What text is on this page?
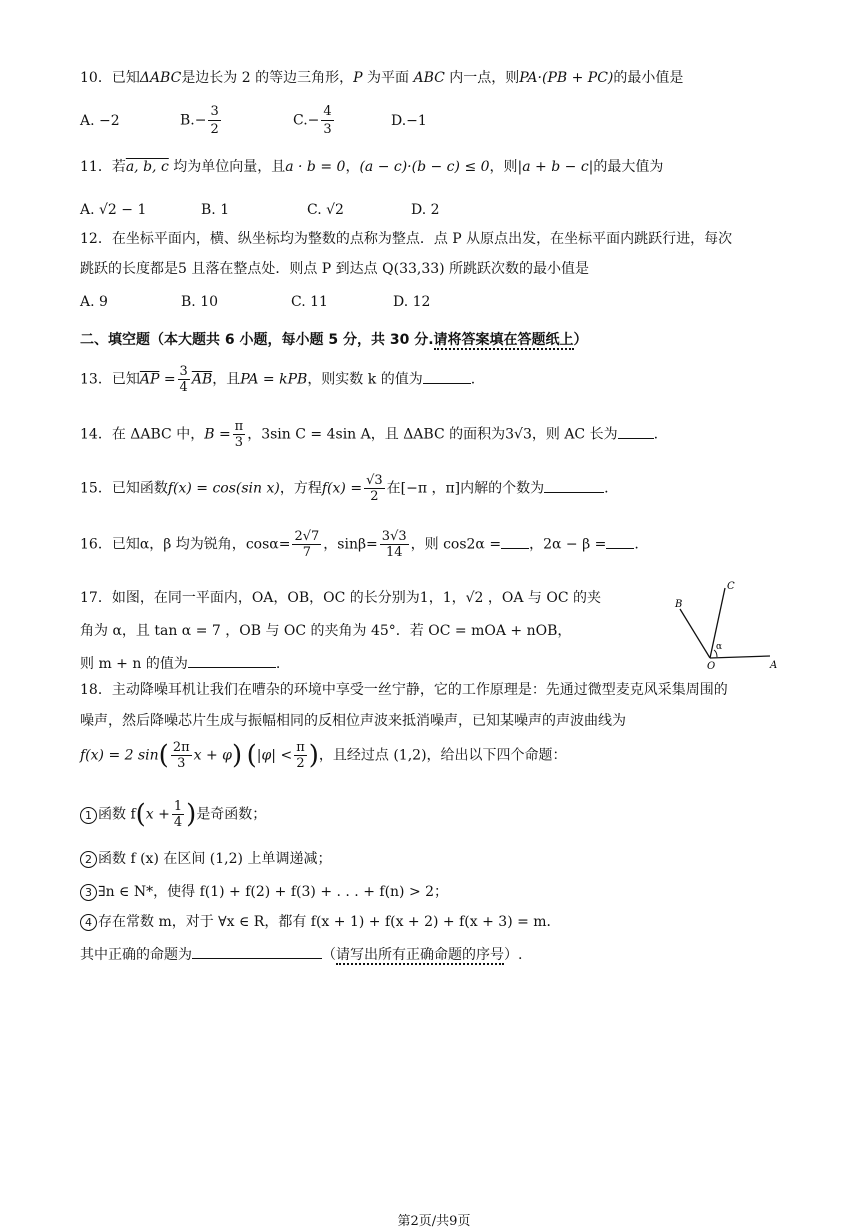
10．已知ΔABC是边长为 2 的等边三角形，P 为平面 ABC 内一点，则PA·(PB + PC)的最小值是
A. −2	$B.- \frac{3}{2}$	$C.- \frac{4}{3}$	D.−1
11．若a, b, c 均为单位向量，且a · b = 0，(a − c)·(b − c) ≤ 0，则|a + b − c|的最大值为
A. √2 − 1	B. 1	C. √2	D. 2
12．在坐标平面内，横、纵坐标均为整数的点称为整点．点 P 从原点出发，在坐标平面内跳跃行进，每次
跳跃的长度都是5 且落在整点处．则点 P 到达点 Q(33,33) 所跳跃次数的最小值是
A. 9	B. 10	C. 11	D. 12
二、填空题（本大题共 6 小题，每小题 5 分，共 30 分.请将答案填在答题纸上）
13．已知$\overline{AP} = \frac{3}{4} \overline{AB}$，且PA = kPB，则实数 k 的值为	.
14．在 ΔABC 中，$B = \frac{\pi}{3}$ ，3sin C = 4sin A，且 ΔABC 的面积为3√3，则 AC 长为	.
15．已知函数f(x) = cos(sin x)，方程$f(x) = \frac{√3}{2}$ 在[−π ，π]内解的个数为	.
16．已知α，β 均为锐角，$\cos\alpha= \frac{2√7}{7}$ ，$\sin\beta= \frac{3√3}{14}$ ，则 cos2α = ，2α − β = .
17．如图，在同一平面内，OA，OB，OC 的长分别为1，1，√2 ，OA 与 OC 的夹
角为 α，且 tan α = 7 ，OB 与 OC 的夹角为 45°．若 OC = mOA + nOB，
则 m + n 的值为	.
C
B
α
O	A
18．主动降噪耳机让我们在嘈杂的环境中享受一丝宁静，它的工作原理是：先通过微型麦克风采集周围的
噪声，然后降噪芯片生成与振幅相同的反相位声波来抵消噪声，已知某噪声的声波曲线为
f(x) = 2 $\sin( \frac{2\pi}{3}$ x + φ) ($|\varphi| < \frac{\pi}{2}$ )，且经过点 (1,2)，给出以下四个命题：
1 函数 $f(x + \frac{1}{4}$ )是奇函数；
2 函数 f (x) 在区间 (1,2) 上单调递减；
3 ∃n ∈ N*，使得 f(1) + f(2) + f(3) + . . . + f(n) > 2；
4 存在常数 m，对于 ∀x ∈ R，都有 f(x + 1) + f(x + 2) + f(x + 3) = m．
其中正确的命题为	（请写出所有正确命题的序号）.
第2页/共9页
